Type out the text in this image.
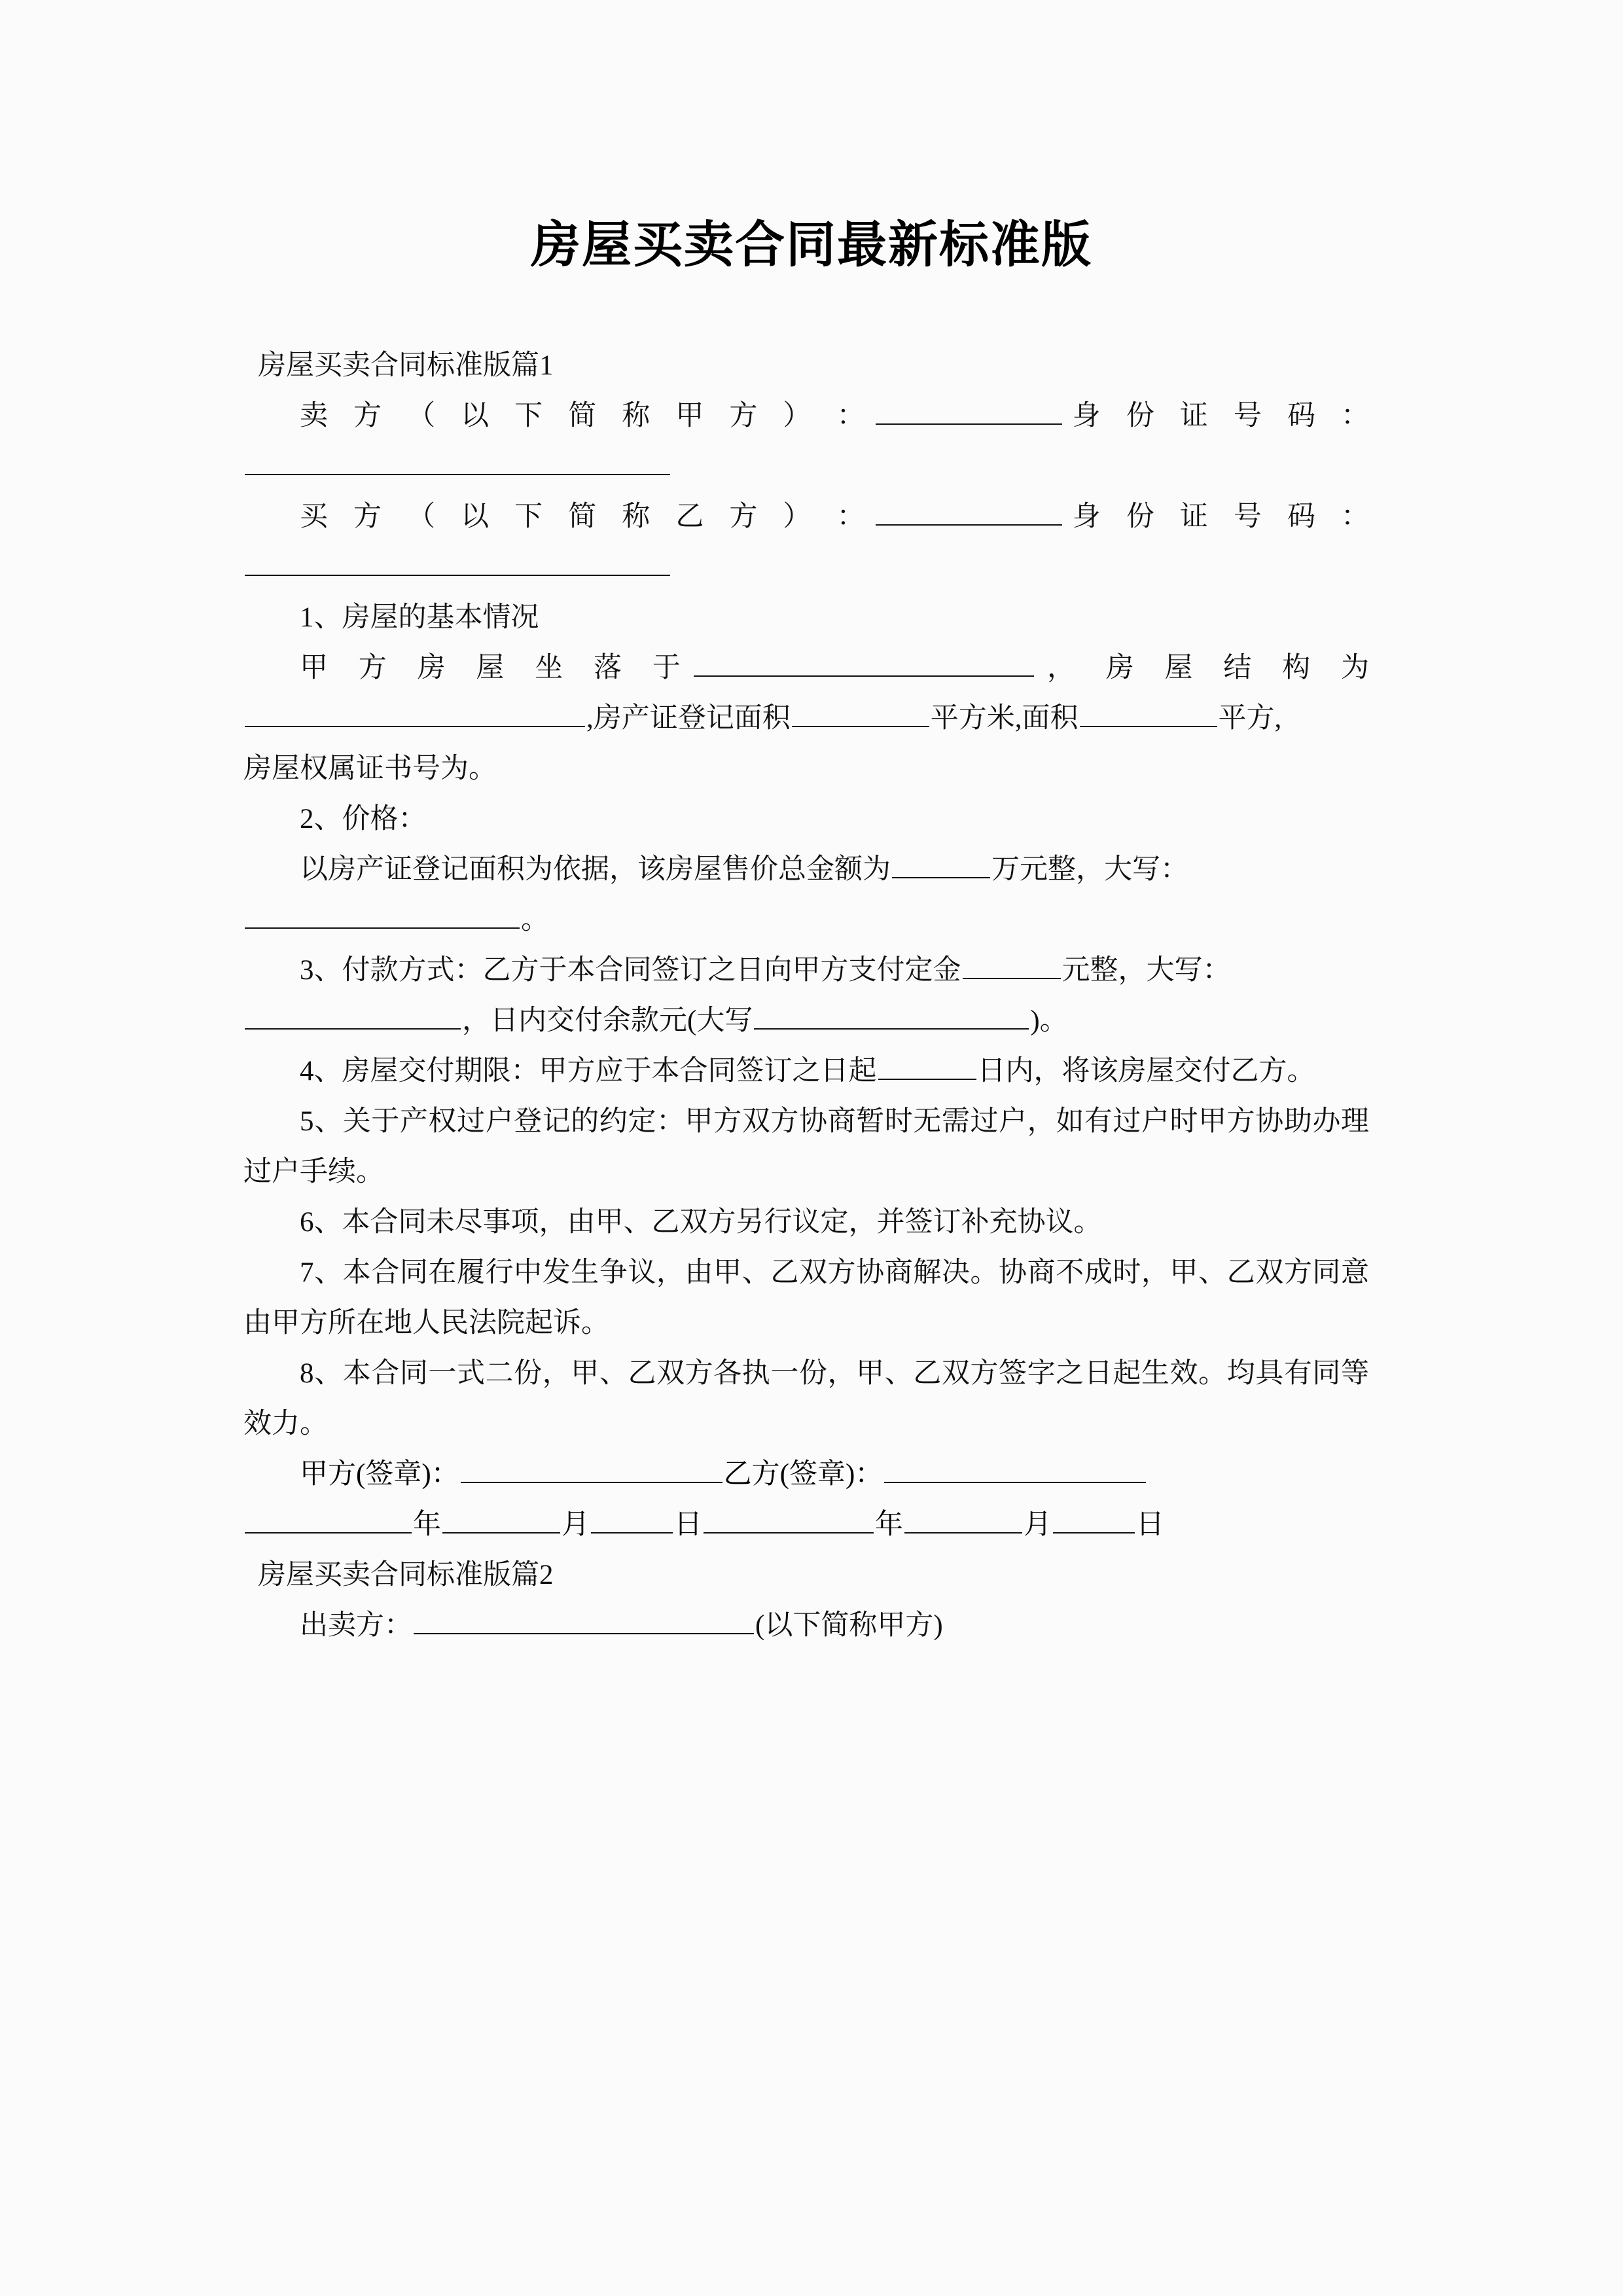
房屋买卖合同最新标准版

房屋买卖合同标准版篇1

卖 方 （ 以 下 简 称 甲 方 ） ：	身 份 证 号 码 ：

买 方 （ 以 下 简 称 乙 方 ） ：	身 份 证 号 码 ：

1、房屋的基本情况

甲 方 房 屋 坐 落 于	， 房 屋 结 构 为

,房产证登记面积	平方米,面积	平方,

房屋权属证书号为。

2、价格：

以房产证登记面积为依据，该房屋售价总金额为	万元整，大写：

。

3、付款方式：乙方于本合同签订之日向甲方支付定金	元整，大写：

，日内交付余款元(大写	)。

4、房屋交付期限：甲方应于本合同签订之日起	日内，将该房屋交付乙方。

5、关于产权过户登记的约定：甲方双方协商暂时无需过户，如有过户时甲方协助办理过户手续。

6、本合同未尽事项，由甲、乙双方另行议定，并签订补充协议。

7、本合同在履行中发生争议，由甲、乙双方协商解决。协商不成时，甲、乙双方同意由甲方所在地人民法院起诉。

8、本合同一式二份，甲、乙双方各执一份，甲、乙双方签字之日起生效。均具有同等效力。

甲方(签章)：	乙方(签章)：

年	月	日	年	月	日

房屋买卖合同标准版篇2

出卖方：	(以下简称甲方)
